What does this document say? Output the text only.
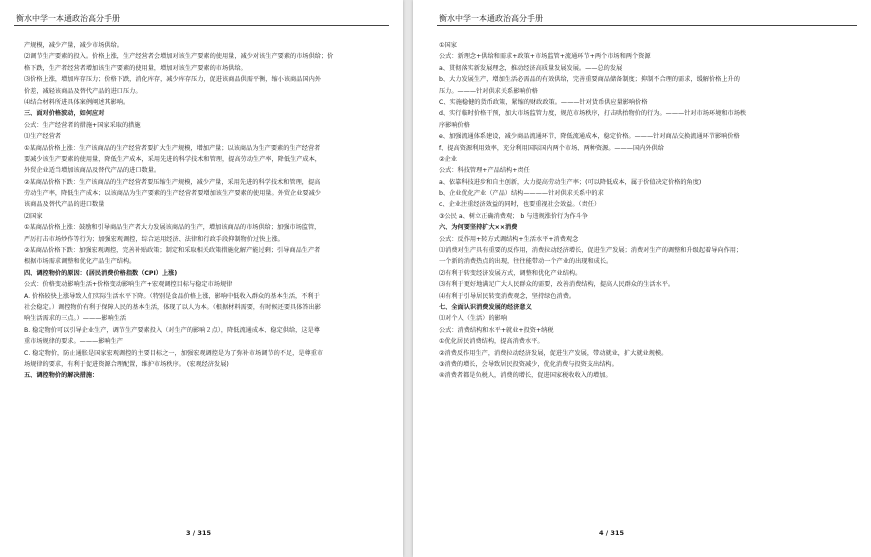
衡水中学一本通政治高分手册
产规模，减少产量，减少市场供给。
⑵调节生产要素的投入。价格上涨，生产经营者会增加对该生产要素的使用量，减少对该生产要素的市场供给；价
格下跌，生产者经营者增加该生产要素的使用量，增加对该生产要素的市场供给。
⑶价格上涨，增加库存压力；价格下跌，消化库存，减少库存压力，促进该商品供需平衡，缩小该商品国内外
价差，减轻该商品及替代产品的进口压力。
⑷结合材料所进具体案例阐述其影响。
三、面对价格波动，如何应对
公式：生产经营者的措施+国家采取的措施
⑴生产经营者
①某商品价格上涨：生产该商品的生产经营者要扩大生产规模，增加产量；以该商品为生产要素的生产经营者
要减少该生产要素的使用量，降低生产成本，采用先进的科学技术和管理，提高劳动生产率，降低生产成本，
外贸企业适当增加该商品及替代产品的进口数量。
②某商品价格下跌：生产该商品的生产经营者要压缩生产规模，减少产量，采用先进的科学技术和管理，提高
劳动生产率，降低生产成本；以该商品为生产要素的生产经营者要增加该生产要素的使用量。外贸企业要减少
该商品及替代产品的进口数量
⑵国家
①某商品价格上涨：鼓励和引导商品生产者大力发展该商品的生产，增加该商品的市场供给；加强市场监管，
严厉打击市场炒作等行为；加强宏观调控，综合运用经济、法律和行政手段抑制物价过快上涨。
②某商品价格下跌：加强宏观调控，完善补贴政策；制定和采取相关政策措施化解产能过剩；引导商品生产者
根据市场需求调整和优化产品生产结构。
四、调控物价的原因：(居民消费价格指数（CPI）上涨)
公式：价格变动影响生活+价格变动影响生产+宏观调控目标与稳定市场规律
A. 价格较快上涨导致人们实际生活水平下降。（特别是食品价格上涨，影响中低收入群众的基本生活，不利于
社会稳定。）调控物价有利于保障人民的基本生活，体现了以人为本。（根据材料需要，有时候还要具体答出影
响生活需求的三点。）———影响生活
B. 稳定物价可以引导企业生产，调节生产要素投入（对生产的影响２点），降低流通成本、稳定供给，这是尊
重市场规律的要求。———影响生产
C. 稳定物价，防止通胀是国家宏观调控的主要目标之一，加强宏观调控是为了弥补市场调节的不足，是尊重市
场规律的要求，有利于促进资源合理配置，维护市场秩序。 (宏观经济发展)
五、调控物价的解决措施：
3 / 315
衡水中学一本通政治高分手册
①国家
公式：新理念+供给和需求+政策+市场监管+流通环节+两个市场和两个资源
a、贯彻落实新发展理念，推动经济高质量发展发展。——总的发展
b、大力发展生产，增加生活必需品的有效供给，完善重要商品储备制度；抑制不合理的需求，缓解价格上升的
压力。———针对供求关系影响价格
C、实施稳健的货币政策，紧缩的财政政策。———针对货币供应量影响价格
d、实行临时价格干预，加大市场监管力度，规范市场秩序，打击哄抬物价的行为。———针对市场环境和市场秩
序影响价格
e、加强流通体系建设，减少商品流通环节，降低流通成本，稳定价格。———针对商品交换流通环节影响价格
f、提高资源利用效率，充分利用国际国内两个市场、两种资源。———国内外供给
②企业
公式：科技管理+产品结构+责任
a、依靠科技进步和自主创新，大力提高劳动生产率；(可以降低成本，属于价值决定价格的角度)
b、企业优化产业（产品）结构————针对供求关系中的求
c、企业注重经济效益的同时，也要重视社会效益。（责任）
③公民 a、树立正确消费观； b 与违规涨价行为作斗争
六、为何要坚持扩大××消费
公式：反作用+转方式调结构+生活水平+消费观念
⑴消费对生产具有重要的反作用，消费拉动经济增长，促进生产发展；消费对生产的调整和升级起着导向作用；
一个新的消费热点的出现，往往能带动一个产业的出现和成长。
⑵有利于转变经济发展方式，调整和优化产业结构。
⑶有利于更好地满足广大人民群众的需要，改善消费结构，提高人民群众的生活水平。
⑷有利于引导居民转变消费观念，坚持绿色消费。
七、全面认识消费发展的经济意义
⑴对个人（生活）的影响
公式：消费结构和水平+就业+投资+纳税
①优化居民消费结构，提高消费水平。
②消费反作用生产，消费拉动经济发展，促进生产发展，带动就业，扩大就业规模。
③消费的增长，会导致居民投资减少，优化消费与投资支出结构。
④消费者都是负税人，消费的增长，促进国家税收收入的增加。
4 / 315
